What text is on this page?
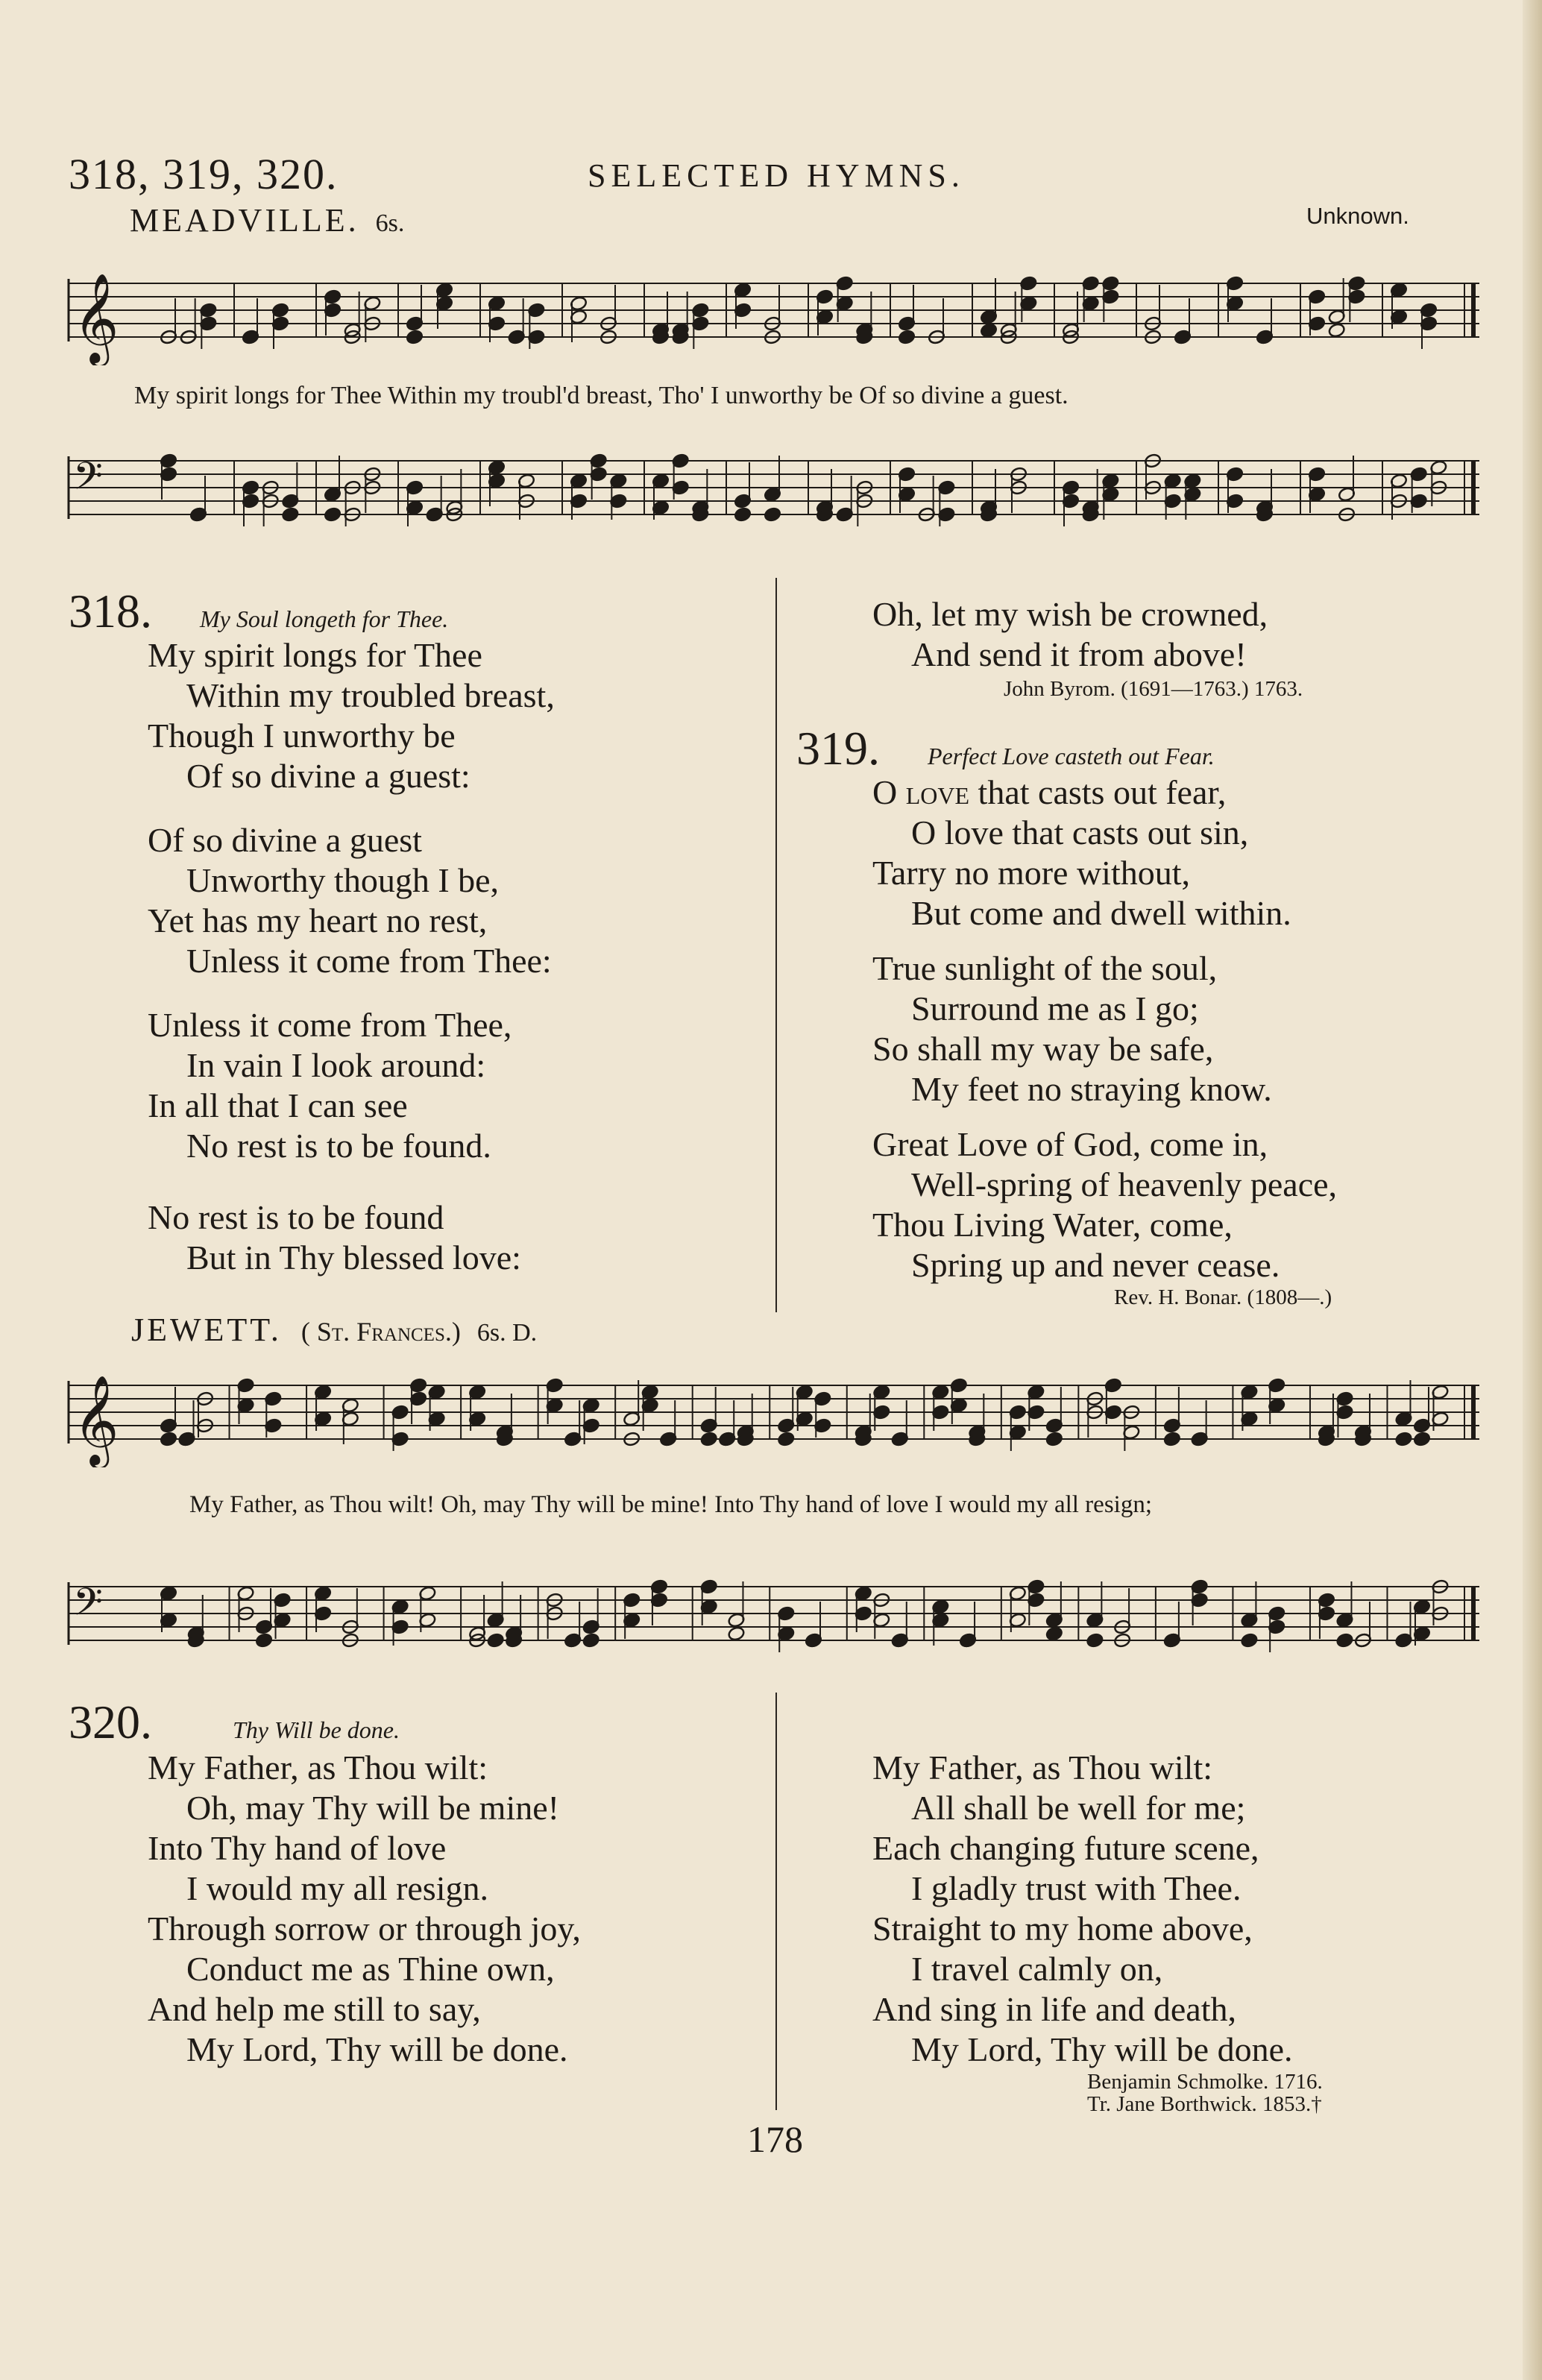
318, 319, 320.	SELECTED HYMNS.
MEADVILLE. 6s.	Unknown.
𝄞
My spirit longs for Thee Within my troubl'd breast, Tho' I unworthy be Of so divine a guest.
𝄢
318. My Soul longeth for Thee.
My spirit longs for Thee
Within my troubled breast,
Though I unworthy be
Of so divine a guest:
Of so divine a guest
Unworthy though I be,
Yet has my heart no rest,
Unless it come from Thee:
Unless it come from Thee,
In vain I look around:
In all that I can see
No rest is to be found.
No rest is to be found
But in Thy blessed love:
Oh, let my wish be crowned,
And send it from above!
John Byrom. (1691—1763.) 1763.
319. Perfect Love casteth out Fear.
O love that casts out fear,
O love that casts out sin,
Tarry no more without,
But come and dwell within.
True sunlight of the soul,
Surround me as I go;
So shall my way be safe,
My feet no straying know.
Great Love of God, come in,
Well-spring of heavenly peace,
Thou Living Water, come,
Spring up and never cease.
Rev. H. Bonar. (1808—.)
JEWETT. ( St. Frances.) 6s. D.
𝄞
My Father, as Thou wilt! Oh, may Thy will be mine! Into Thy hand of love I would my all resign;
𝄢
320.	Thy Will be done.
My Father, as Thou wilt:
Oh, may Thy will be mine!
Into Thy hand of love
I would my all resign.
Through sorrow or through joy,
Conduct me as Thine own,
And help me still to say,
My Lord, Thy will be done.
My Father, as Thou wilt:
All shall be well for me;
Each changing future scene,
I gladly trust with Thee.
Straight to my home above,
I travel calmly on,
And sing in life and death,
My Lord, Thy will be done.
Benjamin Schmolke. 1716.
Tr. Jane Borthwick. 1853.†
178
